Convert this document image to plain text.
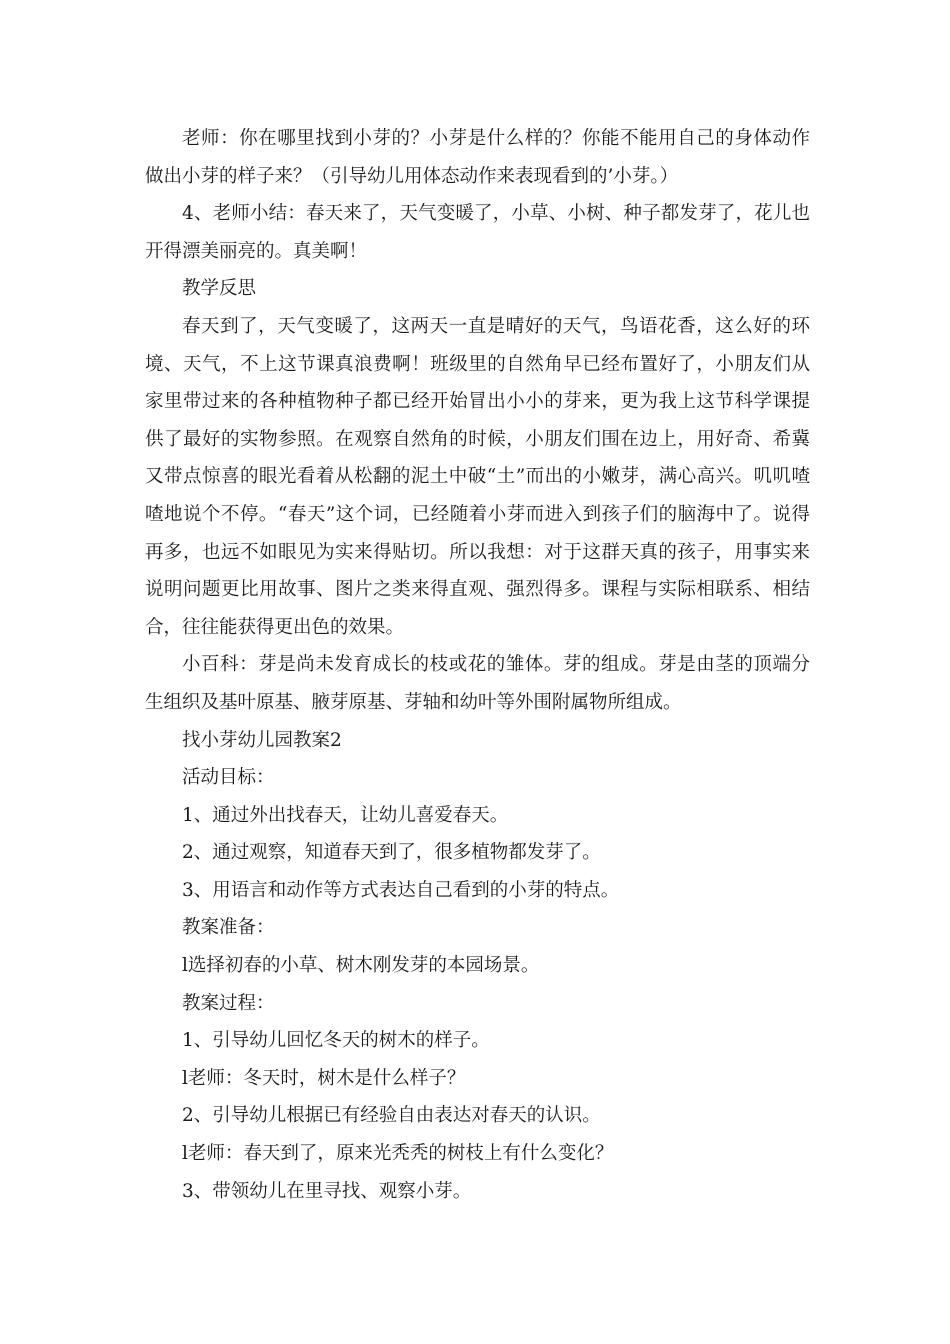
老师：你在哪里找到小芽的？小芽是什么样的？你能不能用自己的身体动作做出小芽的样子来？（引导幼儿用体态动作来表现看到的’小芽。）

4、老师小结：春天来了，天气变暖了，小草、小树、种子都发芽了，花儿也开得漂美丽亮的。真美啊！

教学反思

春天到了，天气变暖了，这两天一直是晴好的天气，鸟语花香，这么好的环境、天气，不上这节课真浪费啊！班级里的自然角早已经布置好了，小朋友们从家里带过来的各种植物种子都已经开始冒出小小的芽来，更为我上这节科学课提供了最好的实物参照。在观察自然角的时候，小朋友们围在边上，用好奇、希冀又带点惊喜的眼光看着从松翻的泥土中破“土”而出的小嫩芽，满心高兴。叽叽喳喳地说个不停。“春天”这个词，已经随着小芽而进入到孩子们的脑海中了。说得再多，也远不如眼见为实来得贴切。所以我想：对于这群天真的孩子，用事实来说明问题更比用故事、图片之类来得直观、强烈得多。课程与实际相联系、相结合，往往能获得更出色的效果。

小百科：芽是尚未发育成长的枝或花的雏体。芽的组成。芽是由茎的顶端分生组织及基叶原基、腋芽原基、芽轴和幼叶等外围附属物所组成。

找小芽幼儿园教案2

活动目标：

1、通过外出找春天，让幼儿喜爱春天。

2、通过观察，知道春天到了，很多植物都发芽了。

3、用语言和动作等方式表达自己看到的小芽的特点。

教案准备：

l选择初春的小草、树木刚发芽的本园场景。

教案过程：

1、引导幼儿回忆冬天的树木的样子。

l老师：冬天时，树木是什么样子？

2、引导幼儿根据已有经验自由表达对春天的认识。

l老师：春天到了，原来光秃秃的树枝上有什么变化？

3、带领幼儿在里寻找、观察小芽。
